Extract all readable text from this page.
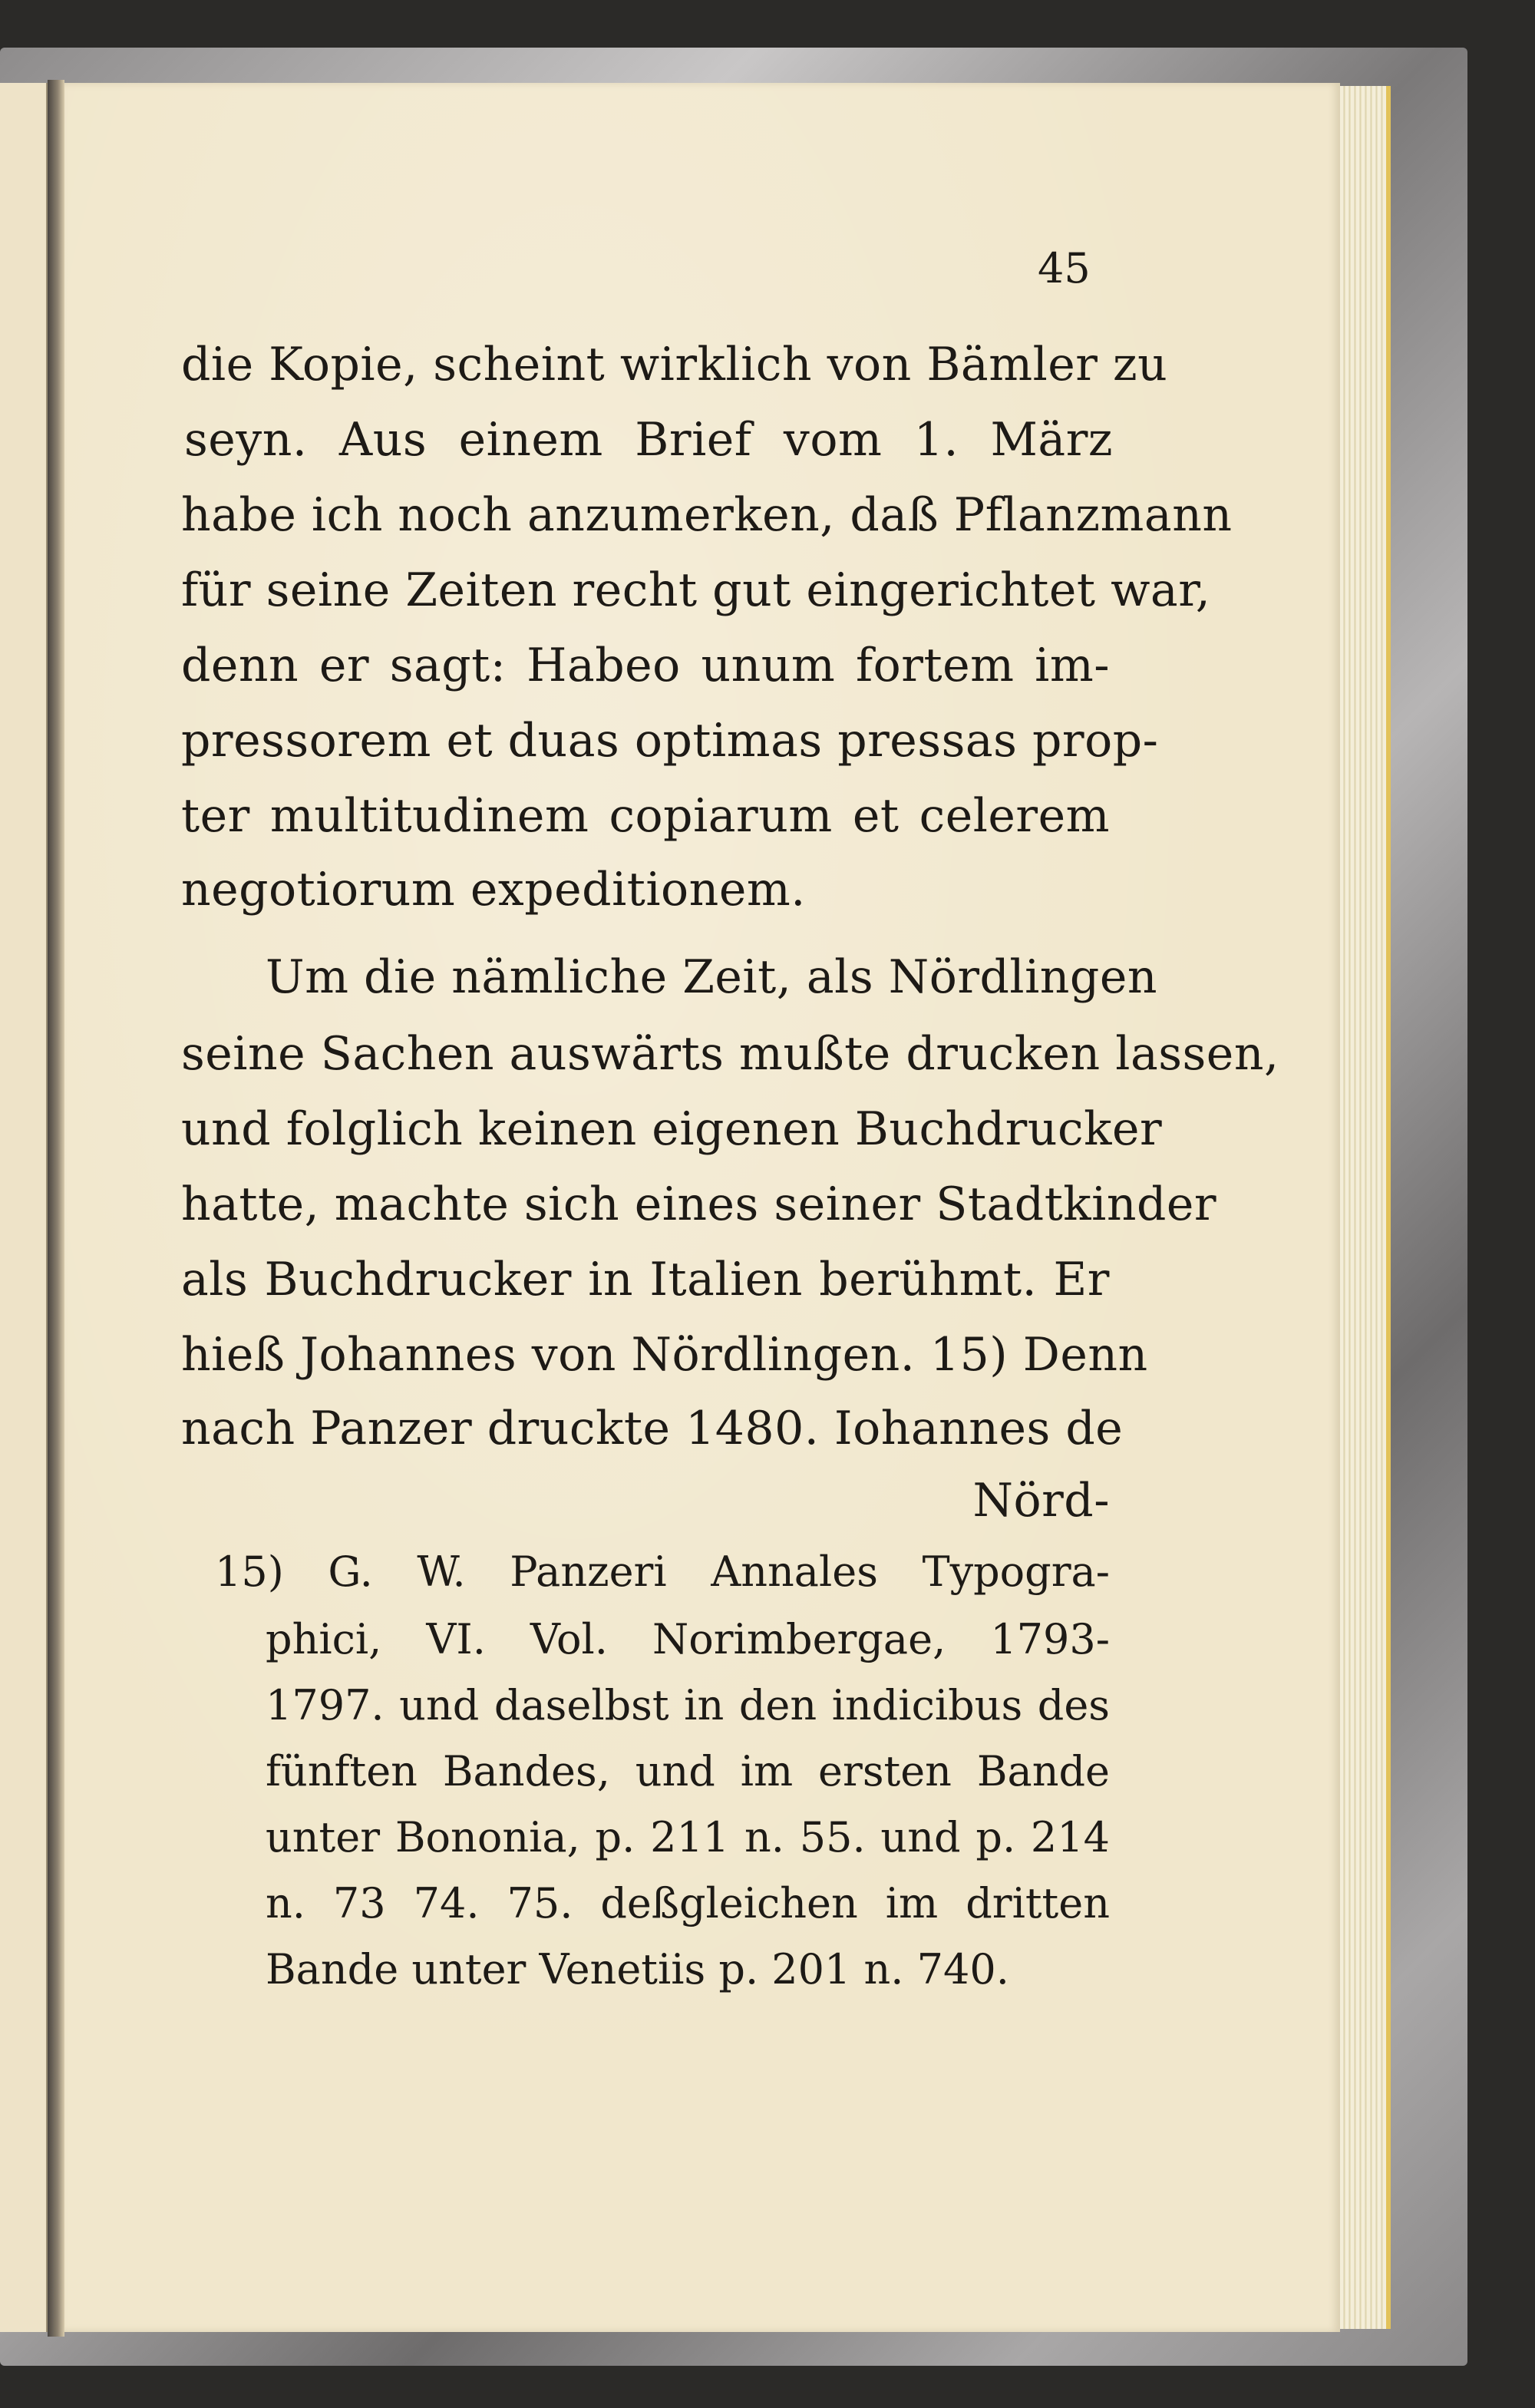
45
die Kopie, scheint wirklich von Bämler zu
seyn. Aus einem Brief vom 1. März
habe ich noch anzumerken, daß Pflanzmann
für seine Zeiten recht gut eingerichtet war,
denn er sagt: Habeo unum fortem im-
pressorem et duas optimas pressas prop-
ter multitudinem copiarum et celerem
negotiorum expeditionem.
Um die nämliche Zeit, als Nördlingen
seine Sachen auswärts mußte drucken lassen,
und folglich keinen eigenen Buchdrucker
hatte, machte sich eines seiner Stadtkinder
als Buchdrucker in Italien berühmt. Er
hieß Johannes von Nördlingen. 15) Denn
nach Panzer druckte 1480. Iohannes de
Nörd-
15) G. W. Panzeri Annales Typogra-
phici, VI. Vol. Norimbergae, 1793-
1797. und daselbst in den indicibus des
fünften Bandes, und im ersten Bande
unter Bononia, p. 211 n. 55. und p. 214
n. 73 74. 75. deßgleichen im dritten
Bande unter Venetiis p. 201 n. 740.
